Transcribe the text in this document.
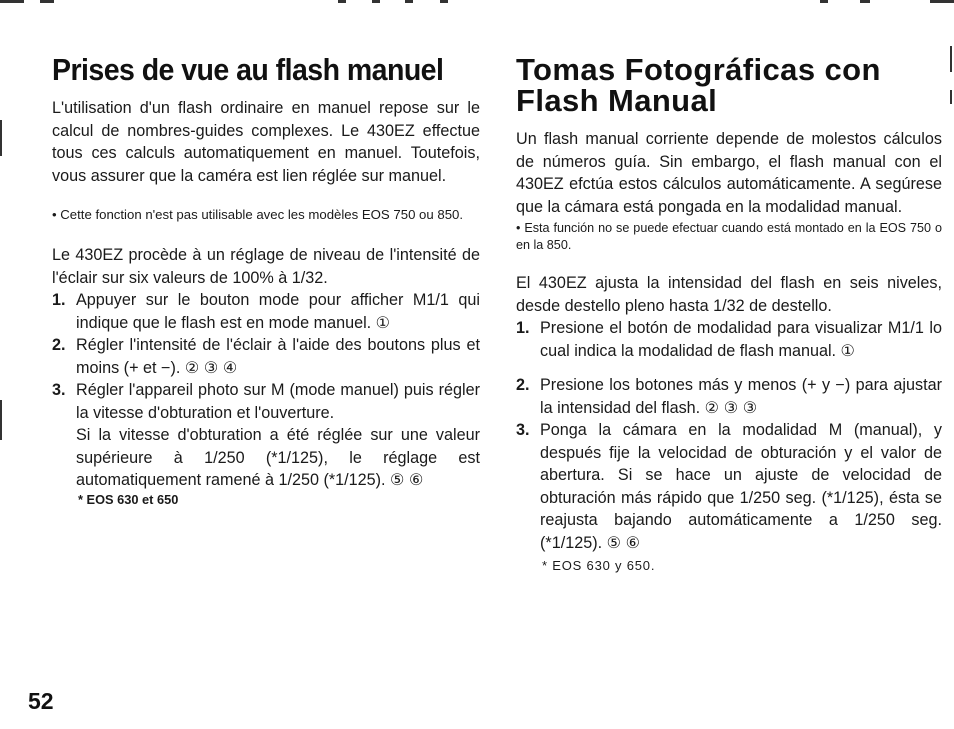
Prises de vue au flash manuel

L'utilisation d'un flash ordinaire en manuel repose sur le calcul de nombres-guides complexes. Le 430EZ effectue tous ces calculs automatiquement en manuel. Toutefois, vous assurer que la caméra est lien réglée sur manuel.

• Cette fonction n'est pas utilisable avec les modèles EOS 750 ou 850.

Le 430EZ procède à un réglage de niveau de l'intensité de l'éclair sur six valeurs de 100% à 1/32.

1. Appuyer sur le bouton mode pour afficher M1/1 qui indique que le flash est en mode manuel. ①
2. Régler l'intensité de l'éclair à l'aide des boutons plus et moins (+ et −). ② ③ ④
3. Régler l'appareil photo sur M (mode manuel) puis régler la vitesse d'obturation et l'ouverture.
Si la vitesse d'obturation a été réglée sur une valeur supérieure à 1/250 (*1/125), le réglage est automatiquement ramené à 1/250 (*1/125). ⑤ ⑥
* EOS 630 et 650
Tomas Fotográficas con Flash Manual

Un flash manual corriente depende de molestos cálculos de números guía. Sin embargo, el flash manual con el 430EZ efctúa estos cálculos automáticamente. A segúrese que la cámara está pongada en la modalidad manual.

• Esta función no se puede efectuar cuando está montado en la EOS 750 o en la 850.

El 430EZ ajusta la intensidad del flash en seis niveles, desde destello pleno hasta 1/32 de destello.

1. Presione el botón de modalidad para visualizar M1/1 lo cual indica la modalidad de flash manual. ①
2. Presione los botones más y menos (+ y −) para ajustar la intensidad del flash. ② ③ ③
3. Ponga la cámara en la modalidad M (manual), y después fije la velocidad de obturación y el valor de abertura. Si se hace un ajuste de velocidad de obturación más rápido que 1/250 seg. (*1/125), ésta se reajusta bajando automáticamente a 1/250 seg. (*1/125). ⑤ ⑥
* EOS 630 y 650.
52
